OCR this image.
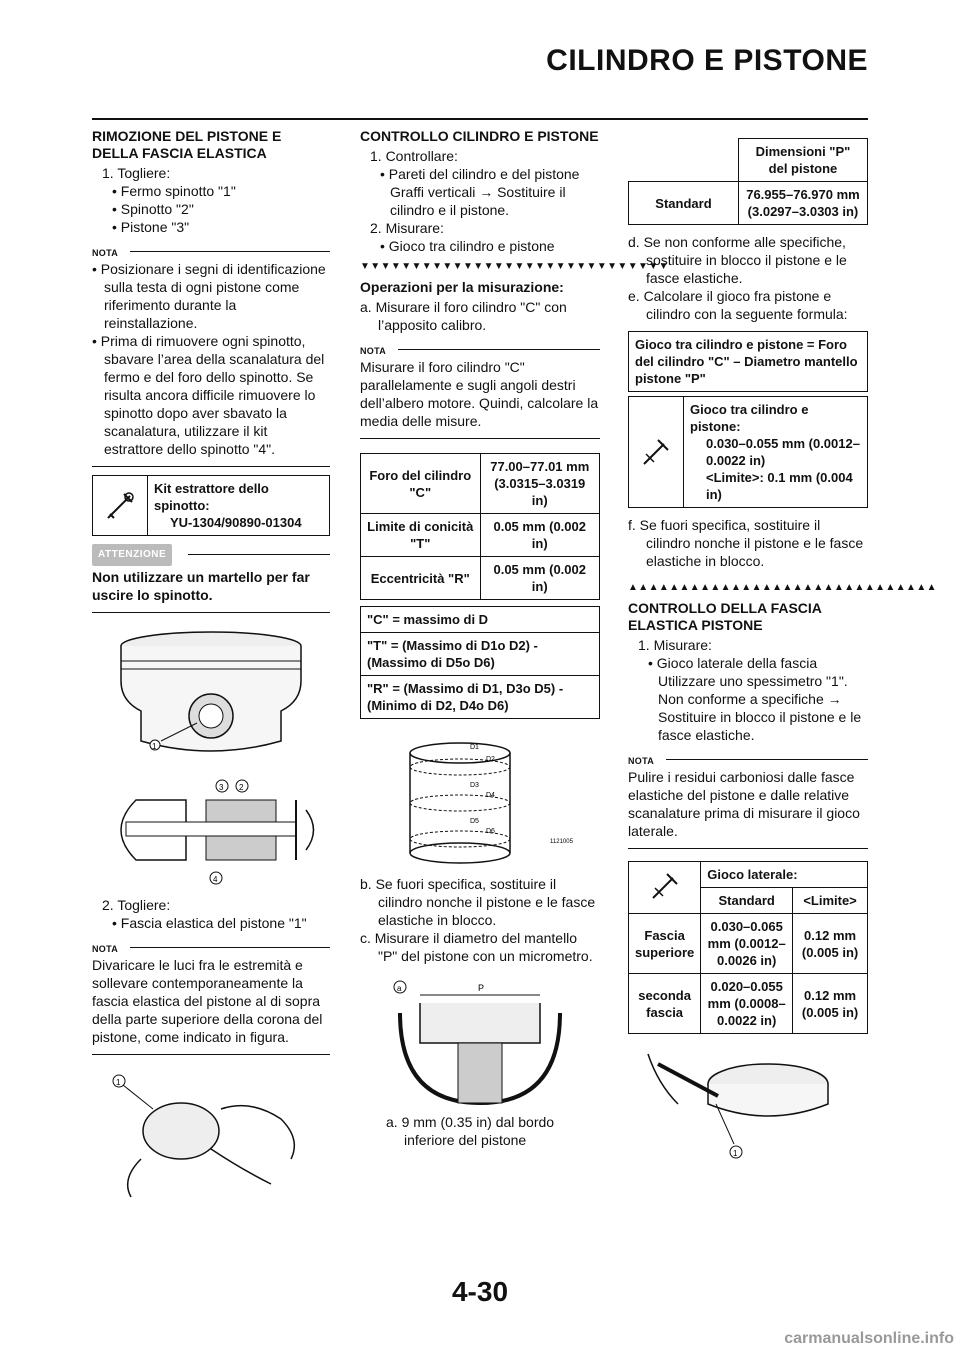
CILINDRO E PISTONE
RIMOZIONE DEL PISTONE E DELLA FASCIA ELASTICA

1. Togliere:

• Fermo spinotto "1"

• Spinotto "2"

• Pistone "3"

NOTA

• Posizionare i segni di identificazione sulla testa di ogni pistone come riferimento durante la reinstallazione.

• Prima di rimuovere ogni spinotto, sbavare l’area della scanalatura del fermo e del foro dello spinotto. Se risulta ancora difficile rimuovere lo spinotto dopo aver sbavato la scanalatura, utilizzare il kit estrattore dello spinotto "4".

Kit estrattore dello spinotto:
YU-1304/90890-01304
ATTENZIONE

Non utilizzare un martello per far uscire lo spinotto.

1
3 2
4

2. Togliere:

• Fascia elastica del pistone "1"

NOTA

Divaricare le luci fra le estremità e sollevare contemporaneamente la fascia elastica del pistone al di sopra della parte superiore della corona del pistone, come indicato in figura.

1
CONTROLLO CILINDRO E PISTONE

1. Controllare:

• Pareti del cilindro e del pistone

Graffi verticali → Sostituire il cilindro e il pistone.

2. Misurare:

• Gioco tra cilindro e pistone

▼▼▼▼▼▼▼▼▼▼▼▼▼▼▼▼▼▼▼▼▼▼▼▼▼▼▼▼▼▼
Operazioni per la misurazione:

a. Misurare il foro cilindro "C" con l’apposito calibro.

NOTA

Misurare il foro cilindro "C" parallelamente e sugli angoli destri dell’albero motore. Quindi, calcolare la media delle misure.

Foro del cilindro "C"	77.00–77.01 mm (3.0315–3.0319 in)
Limite di conicità "T"	0.05 mm (0.002 in)
Eccentricità "R"	0.05 mm (0.002 in)
"C" = massimo di D
"T" = (Massimo di D1o D2) - (Massimo di D5o D6)
"R" = (Massimo di D1, D3o D5) - (Minimo di D2, D4o D6)
D1
D2
D3
D4
D5
D6
1121005

b. Se fuori specifica, sostituire il cilindro nonche il pistone e le fasce elastiche in blocco.

c. Misurare il diametro del mantello "P" del pistone con un micrometro.

P
a

a. 9 mm (0.35 in) dal bordo inferiore del pistone

	Dimensioni "P" del pistone
Standard	76.955–76.970 mm (3.0297–3.0303 in)

d. Se non conforme alle specifiche, sostituire in blocco il pistone e le fasce elastiche.

e. Calcolare il gioco fra pistone e cilindro con la seguente formula:

Gioco tra cilindro e pistone = Foro del cilindro "C" – Diametro mantello pistone "P"
Gioco tra cilindro e pistone:
0.030–0.055 mm (0.0012–0.0022 in)
<Limite>: 0.1 mm (0.004 in)

f. Se fuori specifica, sostituire il cilindro nonche il pistone e le fasce elastiche in blocco.

▲▲▲▲▲▲▲▲▲▲▲▲▲▲▲▲▲▲▲▲▲▲▲▲▲▲▲▲▲▲
CONTROLLO DELLA FASCIA ELASTICA PISTONE

1. Misurare:

• Gioco laterale della fascia

Utilizzare uno spessimetro "1".

Non conforme a specifiche → Sostituire in blocco il pistone e le fasce elastiche.

NOTA

Pulire i residui carboniosi dalle fasce elastiche del pistone e dalle relative scanalature prima di misurare il gioco laterale.

	Gioco laterale:	
	Standard	<Limite>
Fascia superiore	0.030–0.065 mm (0.0012–0.0026 in)	0.12 mm (0.005 in)
seconda fascia	0.020–0.055 mm (0.0008–0.0022 in)	0.12 mm (0.005 in)
1
4-30
carmanualsonline.info
